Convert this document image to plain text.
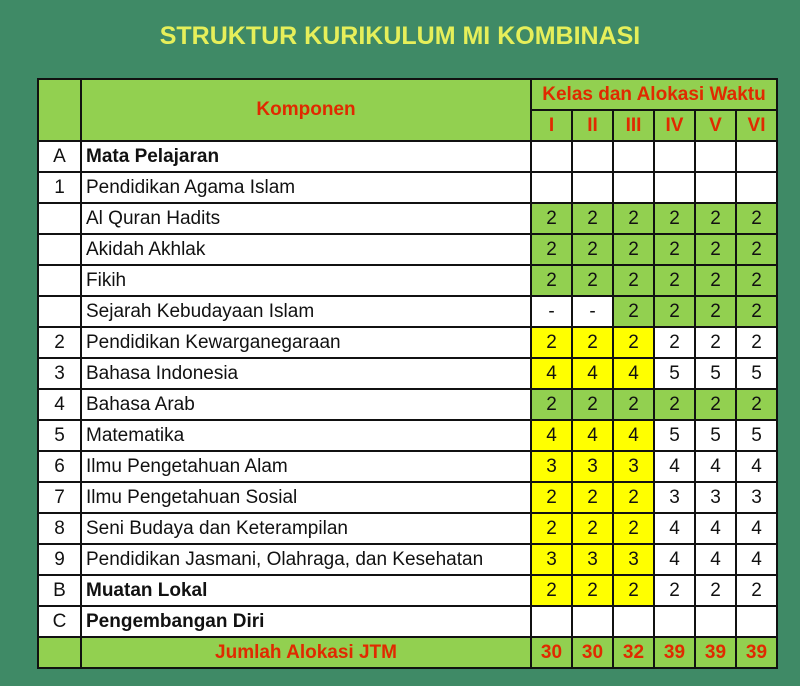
STRUKTUR KURIKULUM MI KOMBINASI
	Komponen	Kelas dan Alokasi Waktu					
		I	II	III	IV	V	VI
A	Mata Pelajaran						
1	Pendidikan Agama Islam						
	Al Quran Hadits	2	2	2	2	2	2
	Akidah Akhlak	2	2	2	2	2	2
	Fikih	2	2	2	2	2	2
	Sejarah Kebudayaan Islam	-	-	2	2	2	2
2	Pendidikan Kewarganegaraan	2	2	2	2	2	2
3	Bahasa Indonesia	4	4	4	5	5	5
4	Bahasa Arab	2	2	2	2	2	2
5	Matematika	4	4	4	5	5	5
6	Ilmu Pengetahuan Alam	3	3	3	4	4	4
7	Ilmu Pengetahuan Sosial	2	2	2	3	3	3
8	Seni Budaya dan Keterampilan	2	2	2	4	4	4
9	Pendidikan Jasmani, Olahraga, dan Kesehatan	3	3	3	4	4	4
B	Muatan Lokal	2	2	2	2	2	2
C	Pengembangan Diri						
	Jumlah Alokasi JTM	30	30	32	39	39	39
